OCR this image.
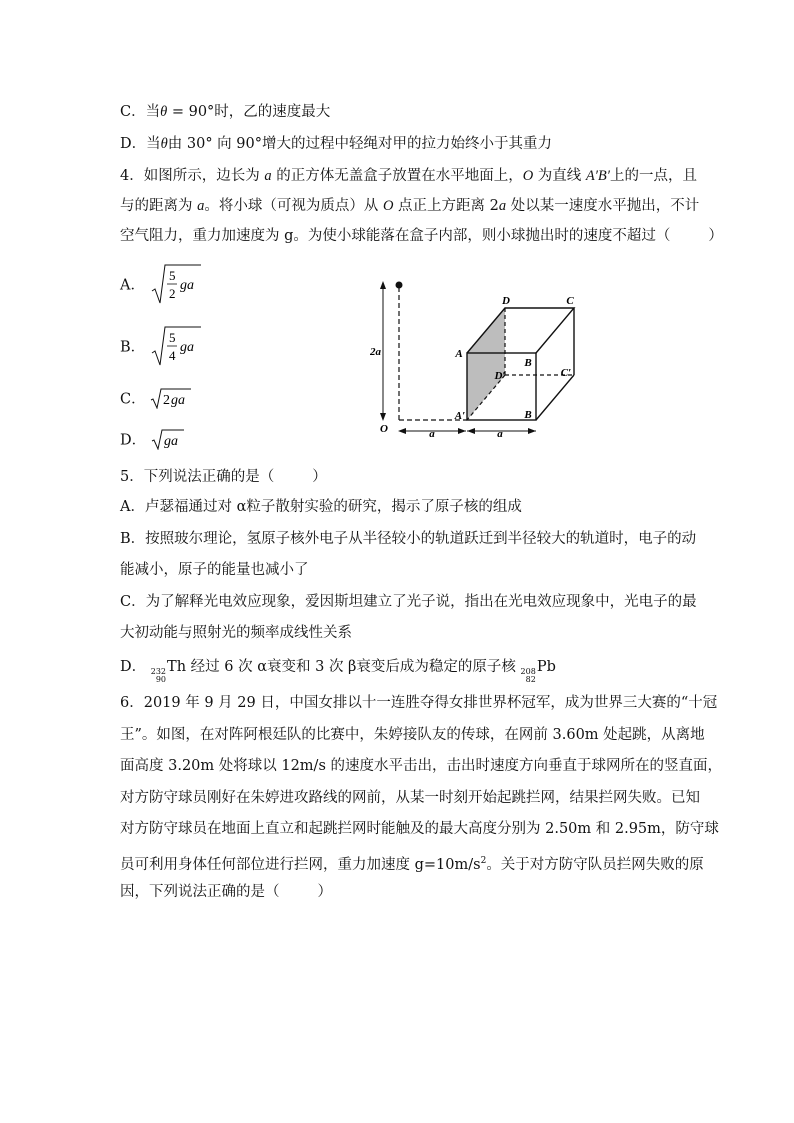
C．当θ = 90°时，乙的速度最大
D．当θ由 30° 向 90°增大的过程中轻绳对甲的拉力始终小于其重力
4．如图所示，边长为 a 的正方体无盖盒子放置在水平地面上，O 为直线 A′B′上的一点，且
与的距离为 a。将小球（可视为质点）从 O 点正上方距离 2a 处以某一速度水平抛出，不计
空气阻力，重力加速度为 g。为使小球能落在盒子内部，则小球抛出时的速度不超过（	）
A．
5
2
ga
B．
5
4
ga
C． 2 ga
D． ga
2a
a	a
O
D	C
A
B
D′	C′
A′	B
5．下列说法正确的是（	）
A．卢瑟福通过对 α粒子散射实验的研究，揭示了原子核的组成
B．按照玻尔理论，氢原子核外电子从半径较小的轨道跃迁到半径较大的轨道时，电子的动
能减小，原子的能量也减小了
C．为了解释光电效应现象，爱因斯坦建立了光子说，指出在光电效应现象中，光电子的最
大初动能与照射光的频率成线性关系
D． 232
90
Th 经过 6 次 α衰变和 3 次 β衰变后成为稳定的原子核 208
82
Pb
6．2019 年 9 月 29 日，中国女排以十一连胜夺得女排世界杯冠军，成为世界三大赛的“十冠
王”。如图，在对阵阿根廷队的比赛中，朱婷接队友的传球，在网前 3.60m 处起跳，从离地
面高度 3.20m 处将球以 12m/s 的速度水平击出，击出时速度方向垂直于球网所在的竖直面，
对方防守球员刚好在朱婷进攻路线的网前，从某一时刻开始起跳拦网，结果拦网失败。已知
对方防守球员在地面上直立和起跳拦网时能触及的最大高度分别为 2.50m 和 2.95m，防守球
员可利用身体任何部位进行拦网，重力加速度 $g=10m/s^2$。关于对方防守队员拦网失败的原
因，下列说法正确的是（	）
